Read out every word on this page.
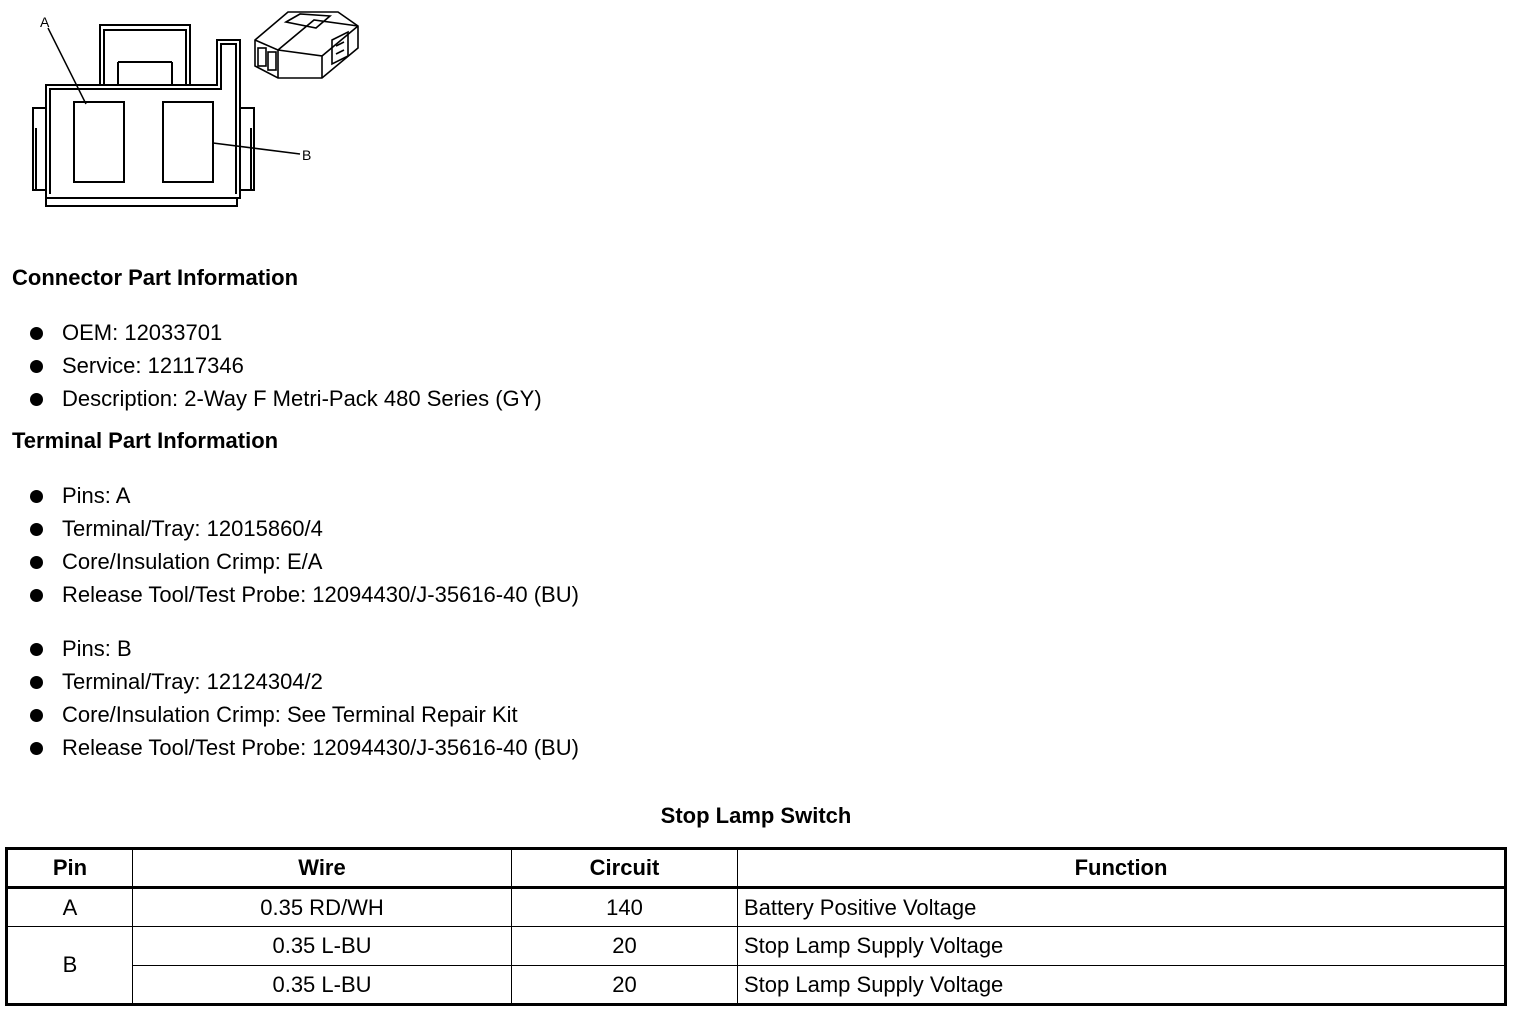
A
B
Connector Part Information
OEM: 12033701
Service: 12117346
Description: 2-Way F Metri-Pack 480 Series (GY)
Terminal Part Information
Pins: A
Terminal/Tray: 12015860/4
Core/Insulation Crimp: E/A
Release Tool/Test Probe: 12094430/J-35616-40 (BU)
Pins: B
Terminal/Tray: 12124304/2
Core/Insulation Crimp: See Terminal Repair Kit
Release Tool/Test Probe: 12094430/J-35616-40 (BU)
Stop Lamp Switch
Pin	Wire	Circuit	Function
A	0.35 RD/WH	140	Battery Positive Voltage
B	0.35 L-BU	20	Stop Lamp Supply Voltage
	0.35 L-BU	20	Stop Lamp Supply Voltage
